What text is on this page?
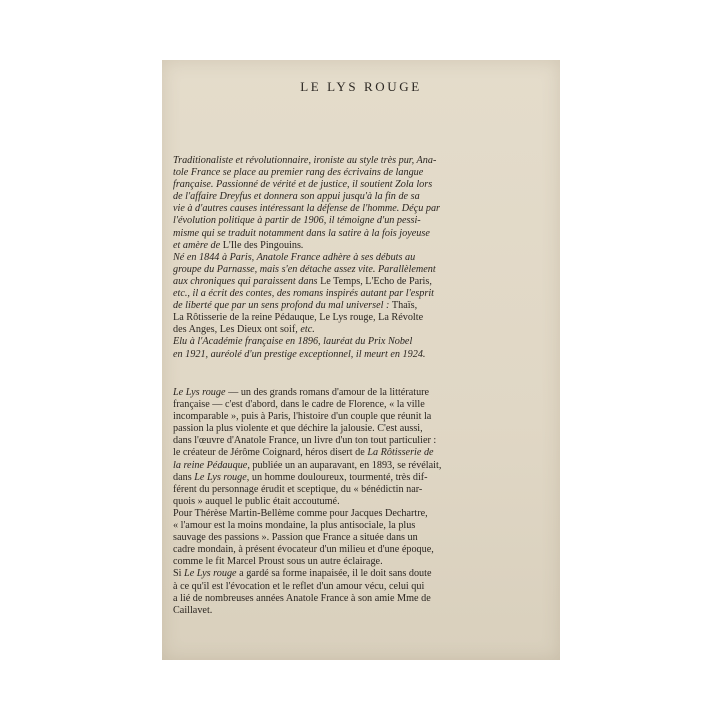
LE LYS ROUGE

Traditionaliste et révolutionnaire, ironiste au style très pur, Ana-
tole France se place au premier rang des écrivains de langue
française. Passionné de vérité et de justice, il soutient Zola lors
de l'affaire Dreyfus et donnera son appui jusqu'à la fin de sa
vie à d'autres causes intéressant la défense de l'homme. Déçu par
l'évolution politique à partir de 1906, il témoigne d'un pessi-
misme qui se traduit notamment dans la satire à la fois joyeuse
et amère de L'Ile des Pingouins.
Né en 1844 à Paris, Anatole France adhère à ses débuts au
groupe du Parnasse, mais s'en détache assez vite. Parallèlement
aux chroniques qui paraissent dans Le Temps, L'Echo de Paris,
etc., il a écrit des contes, des romans inspirés autant par l'esprit
de liberté que par un sens profond du mal universel : Thaïs,
La Rôtisserie de la reine Pédauque, Le Lys rouge, La Révolte
des Anges, Les Dieux ont soif, etc.
Elu à l'Académie française en 1896, lauréat du Prix Nobel
en 1921, auréolé d'un prestige exceptionnel, il meurt en 1924.

Le Lys rouge — un des grands romans d'amour de la littérature
française — c'est d'abord, dans le cadre de Florence, « la ville
incomparable », puis à Paris, l'histoire d'un couple que réunit la
passion la plus violente et que déchire la jalousie. C'est aussi,
dans l'œuvre d'Anatole France, un livre d'un ton tout particulier :
le créateur de Jérôme Coignard, héros disert de La Rôtisserie de
la reine Pédauque, publiée un an auparavant, en 1893, se révélait,
dans Le Lys rouge, un homme douloureux, tourmenté, très dif-
férent du personnage érudit et sceptique, du « bénédictin nar-
quois » auquel le public était accoutumé.
Pour Thérèse Martin-Bellème comme pour Jacques Dechartre,
« l'amour est la moins mondaine, la plus antisociale, la plus
sauvage des passions ». Passion que France a située dans un
cadre mondain, à présent évocateur d'un milieu et d'une époque,
comme le fit Marcel Proust sous un autre éclairage.
Si Le Lys rouge a gardé sa forme inapaisée, il le doit sans doute
à ce qu'il est l'évocation et le reflet d'un amour vécu, celui qui
a lié de nombreuses années Anatole France à son amie Mme de
Caillavet.
